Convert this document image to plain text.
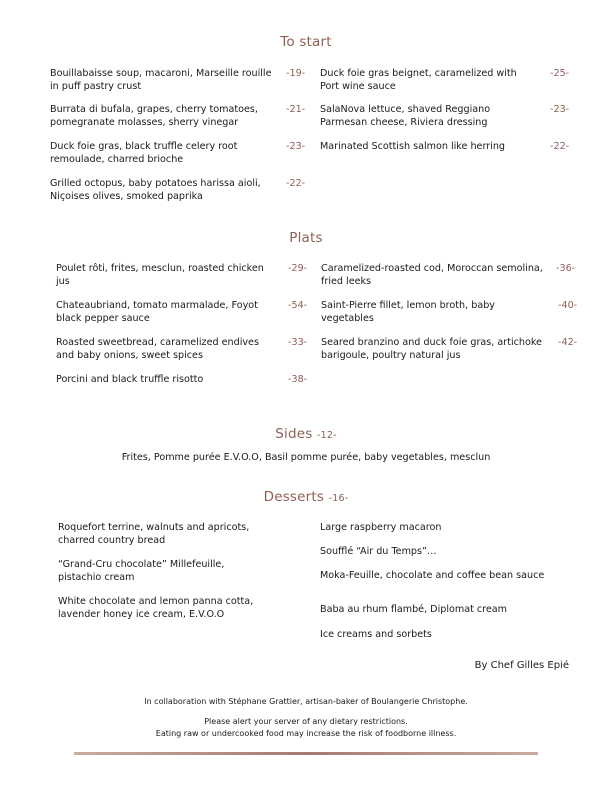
To start
Bouillabaisse soup, macaroni, Marseille rouille in puff pastry crust
-19-
Burrata di bufala, grapes, cherry tomatoes, pomegranate molasses, sherry vinegar
-21-
Duck foie gras, black truffle celery root remoulade, charred brioche
-23-
Grilled octopus, baby potatoes harissa aioli, Niçoises olives, smoked paprika
-22-
Duck foie gras beignet, caramelized with Port wine sauce
-25-
SalaNova lettuce, shaved Reggiano Parmesan cheese, Riviera dressing
-23-
Marinated Scottish salmon like herring	-22-
Plats
Poulet rôti, frites, mesclun, roasted chicken jus
-29-
Chateaubriand, tomato marmalade, Foyot black pepper sauce
-54-
Roasted sweetbread, caramelized endives and baby onions, sweet spices
-33-
Porcini and black truffle risotto	-38-
Caramelized-roasted cod, Moroccan semolina, fried leeks
-36-
Saint-Pierre fillet, lemon broth, baby vegetables
-40-
Seared branzino and duck foie gras, artichoke barigoule, poultry natural jus
-42-
Sides -12-
Frites, Pomme purée E.V.O.O, Basil pomme purée, baby vegetables, mesclun
Desserts -16-
Roquefort terrine, walnuts and apricots, charred country bread
“Grand-Cru chocolate” Millefeuille, pistachio cream
White chocolate and lemon panna cotta, lavender honey ice cream, E.V.O.O
Large raspberry macaron
Soufflé “Air du Temps”…
Moka-Feuille, chocolate and coffee bean sauce
Baba au rhum flambé, Diplomat cream
Ice creams and sorbets
By Chef Gilles Epié
In collaboration with Stéphane Grattier, artisan-baker of Boulangerie Christophe.
Please alert your server of any dietary restrictions.
Eating raw or undercooked food may increase the risk of foodborne illness.
